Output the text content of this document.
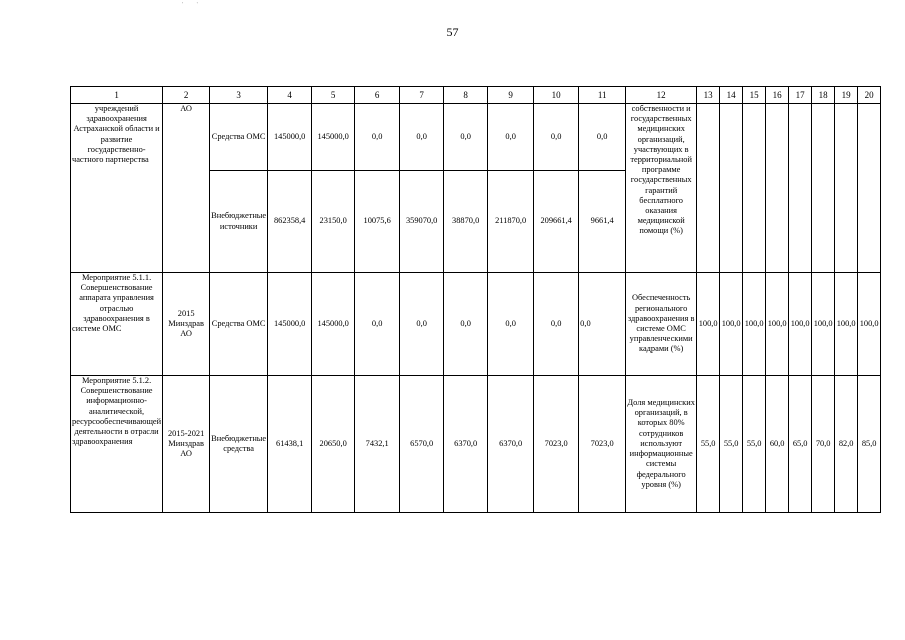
' '
57
1	2	3	4	5	6	7	8	9	10	11	12	13	14	15	16	17	18	19	20
учреждений здравоохранения Астраханской области и развитие государственно-частного партнерства	АО	Средства ОМС	145000,0	145000,0	0,0	0,0	0,0	0,0	0,0	0,0	собственности и государственных медицинских организаций, участвующих в территориальной программе государственных гарантий бесплатного оказания медицинской помощи (%)								
		Внебюджетные источники	862358,4	23150,0	10075,6	359070,0	38870,0	211870,0	209661,4	9661,4									
Мероприятие 5.1.1. Совершенствование аппарата управления отраслью здравоохранения в системе ОМС	2015 Минздрав АО	Средства ОМС	145000,0	145000,0	0,0	0,0	0,0	0,0	0,0	0,0	Обеспеченность регионального здравоохранения в системе ОМС управленческими кадрами (%)	100,0	100,0	100,0	100,0	100,0	100,0	100,0	100,0
Мероприятие 5.1.2. Совершенствование информационно-аналитической, ресурсообеспечивающей деятельности в отрасли здравоохранения	2015-2021 Минздрав АО	Внебюджетные средства	61438,1	20650,0	7432,1	6570,0	6370,0	6370,0	7023,0	7023,0	Доля медицинских организаций, в которых 80% сотрудников используют информационные системы федерального уровня (%)	55,0	55,0	55,0	60,0	65,0	70,0	82,0	85,0
